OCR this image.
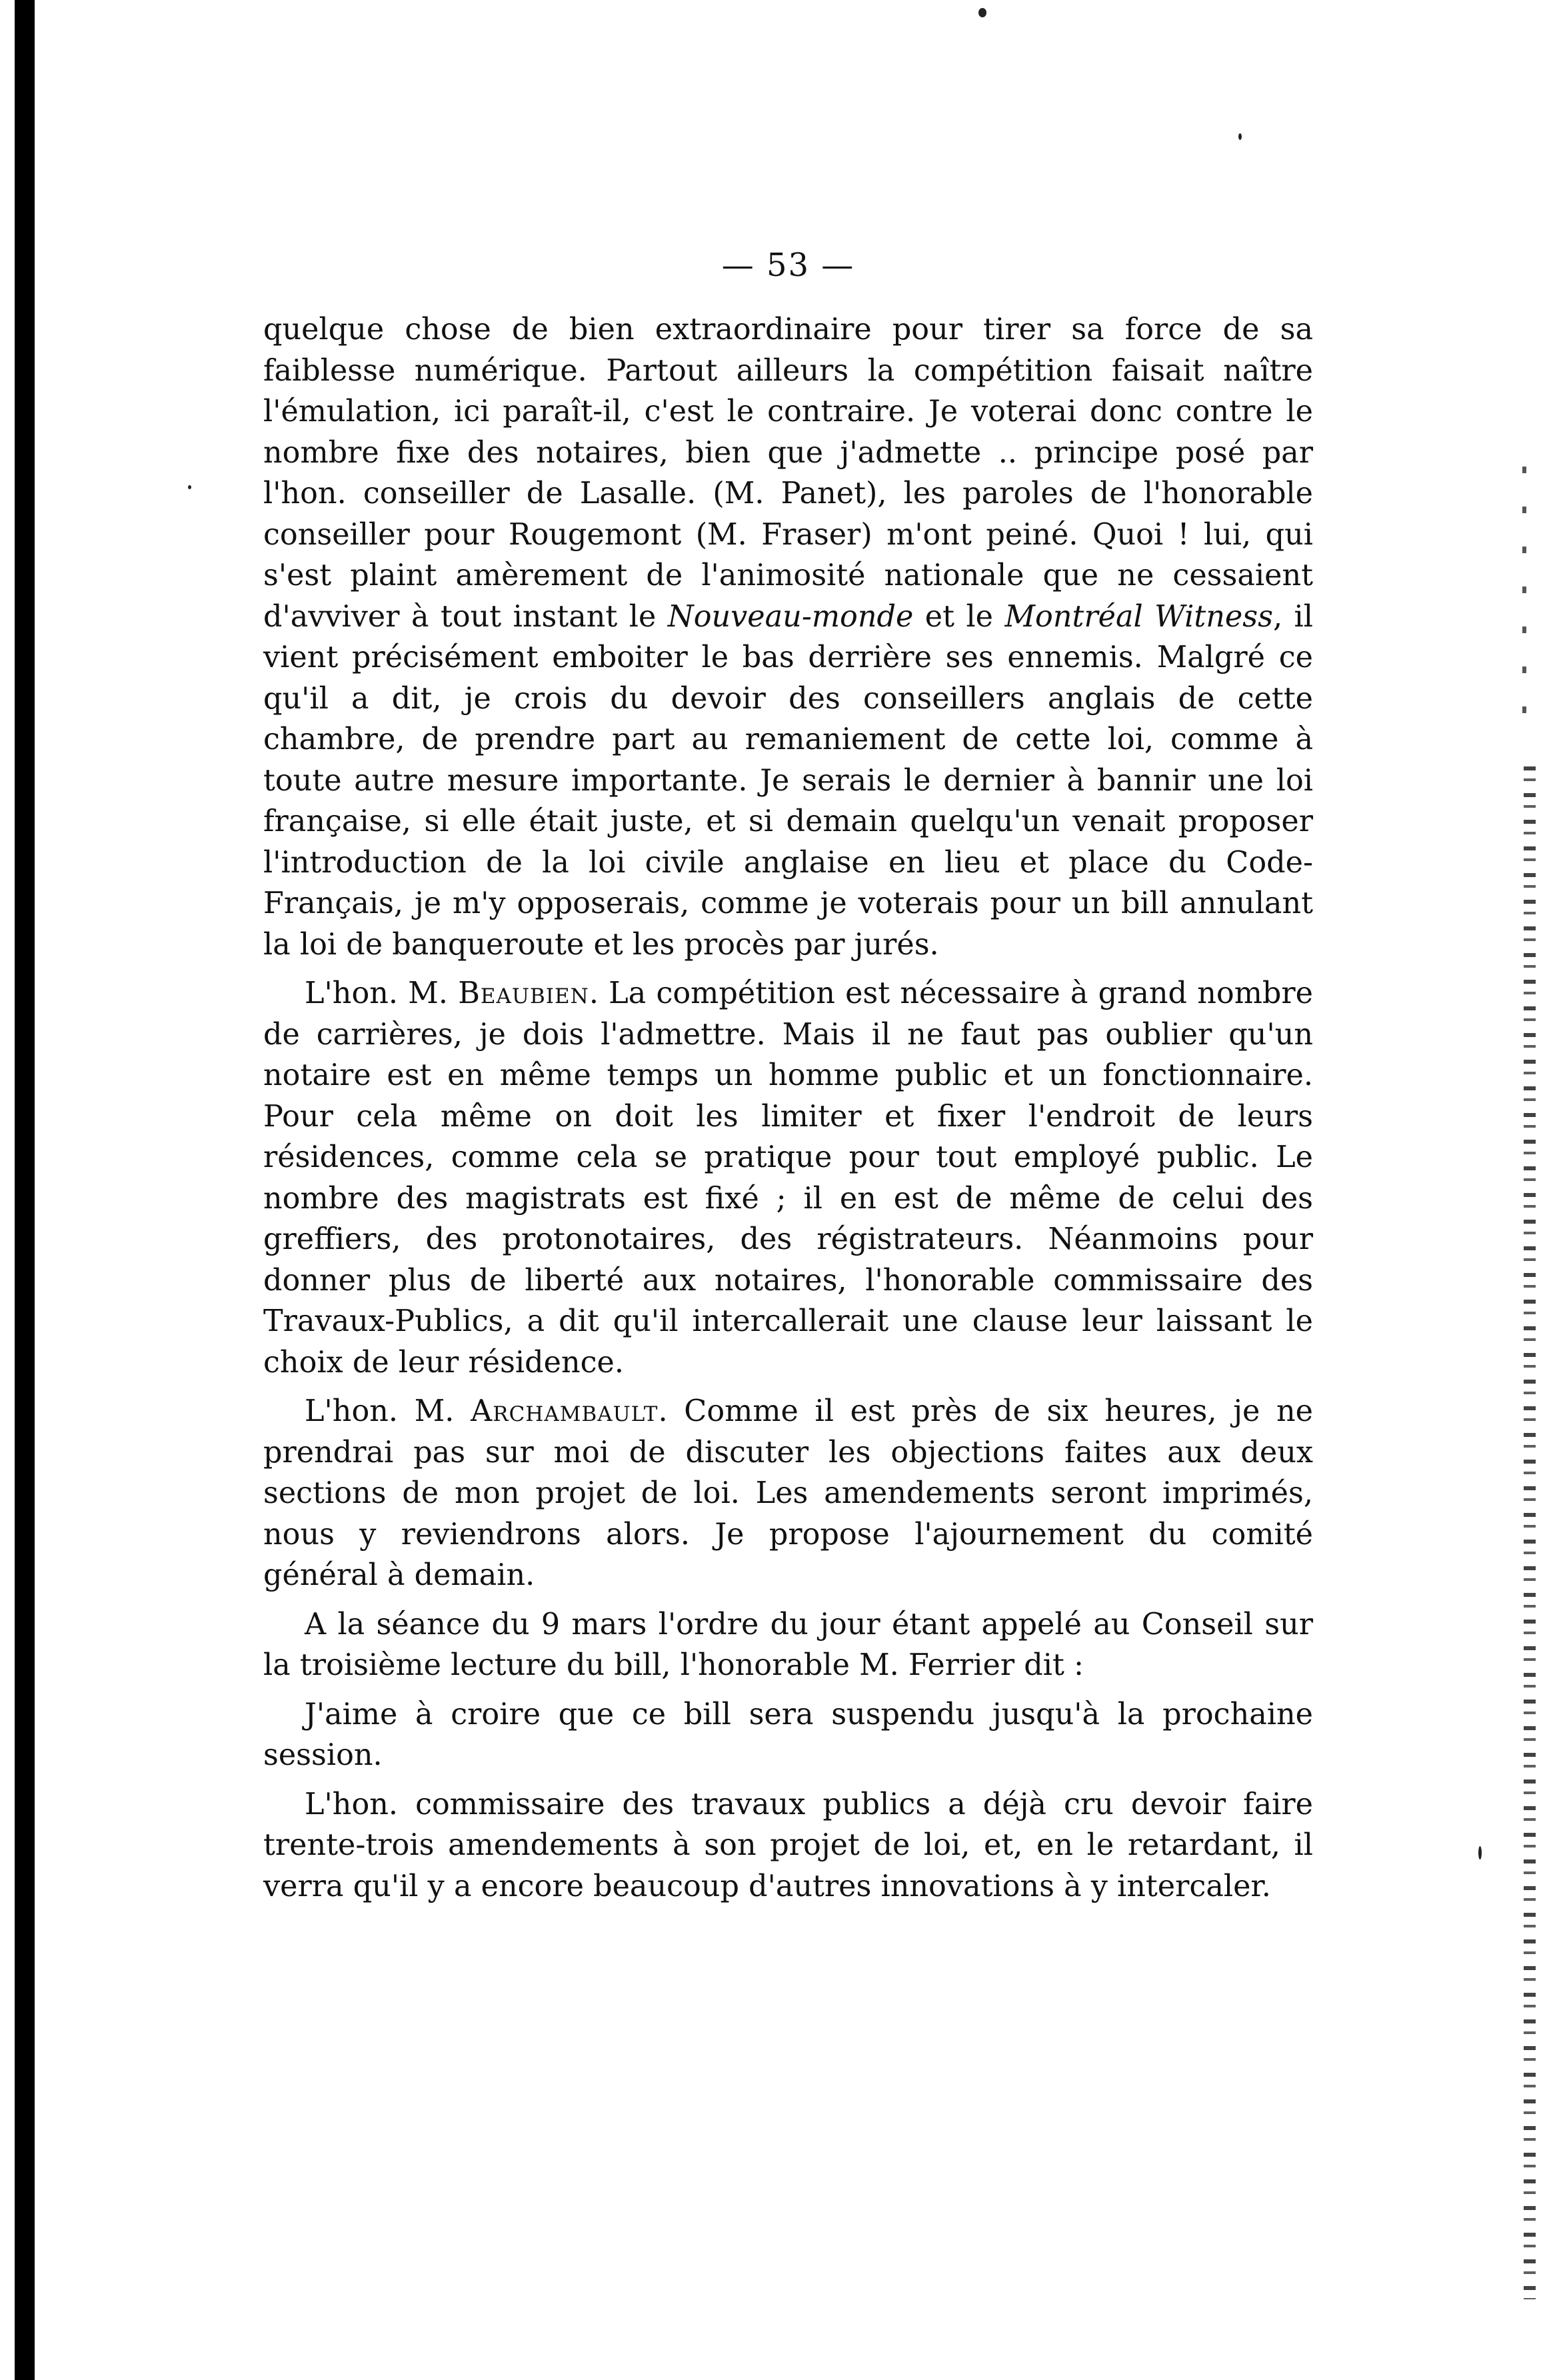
— 53 —

quelque chose de bien extraordinaire pour tirer sa force de sa faiblesse numérique. Partout ailleurs la compétition faisait naître l'émulation, ici paraît-il, c'est le contraire. Je voterai donc contre le nombre fixe des notaires, bien que j'admette .. principe posé par l'hon. conseiller de Lasalle. (M. Panet), les paroles de l'honorable conseiller pour Rougemont (M. Fraser) m'ont peiné. Quoi ! lui, qui s'est plaint amèrement de l'animosité nationale que ne cessaient d'avviver à tout instant le Nouveau-monde et le Montréal Witness, il vient précisément emboiter le bas derrière ses ennemis. Malgré ce qu'il a dit, je crois du devoir des conseillers anglais de cette chambre, de prendre part au remaniement de cette loi, comme à toute autre mesure importante. Je serais le dernier à bannir une loi française, si elle était juste, et si demain quelqu'un venait proposer l'introduction de la loi civile anglaise en lieu et place du Code-Français, je m'y opposerais, comme je voterais pour un bill annulant la loi de banqueroute et les procès par jurés.

L'hon. M. Beaubien. La compétition est nécessaire à grand nombre de carrières, je dois l'admettre. Mais il ne faut pas oublier qu'un notaire est en même temps un homme public et un fonctionnaire. Pour cela même on doit les limiter et fixer l'endroit de leurs résidences, comme cela se pratique pour tout employé public. Le nombre des magistrats est fixé ; il en est de même de celui des greffiers, des protonotaires, des régistrateurs. Néanmoins pour donner plus de liberté aux notaires, l'honorable commissaire des Travaux-Publics, a dit qu'il intercallerait une clause leur laissant le choix de leur résidence.

L'hon. M. Archambault. Comme il est près de six heures, je ne prendrai pas sur moi de discuter les objections faites aux deux sections de mon projet de loi. Les amendements seront imprimés, nous y reviendrons alors. Je propose l'ajournement du comité général à demain.

A la séance du 9 mars l'ordre du jour étant appelé au Conseil sur la troisième lecture du bill, l'honorable M. Ferrier dit :

J'aime à croire que ce bill sera suspendu jusqu'à la prochaine session.

L'hon. commissaire des travaux publics a déjà cru devoir faire trente-trois amendements à son projet de loi, et, en le retardant, il verra qu'il y a encore beaucoup d'autres innovations à y intercaler.
